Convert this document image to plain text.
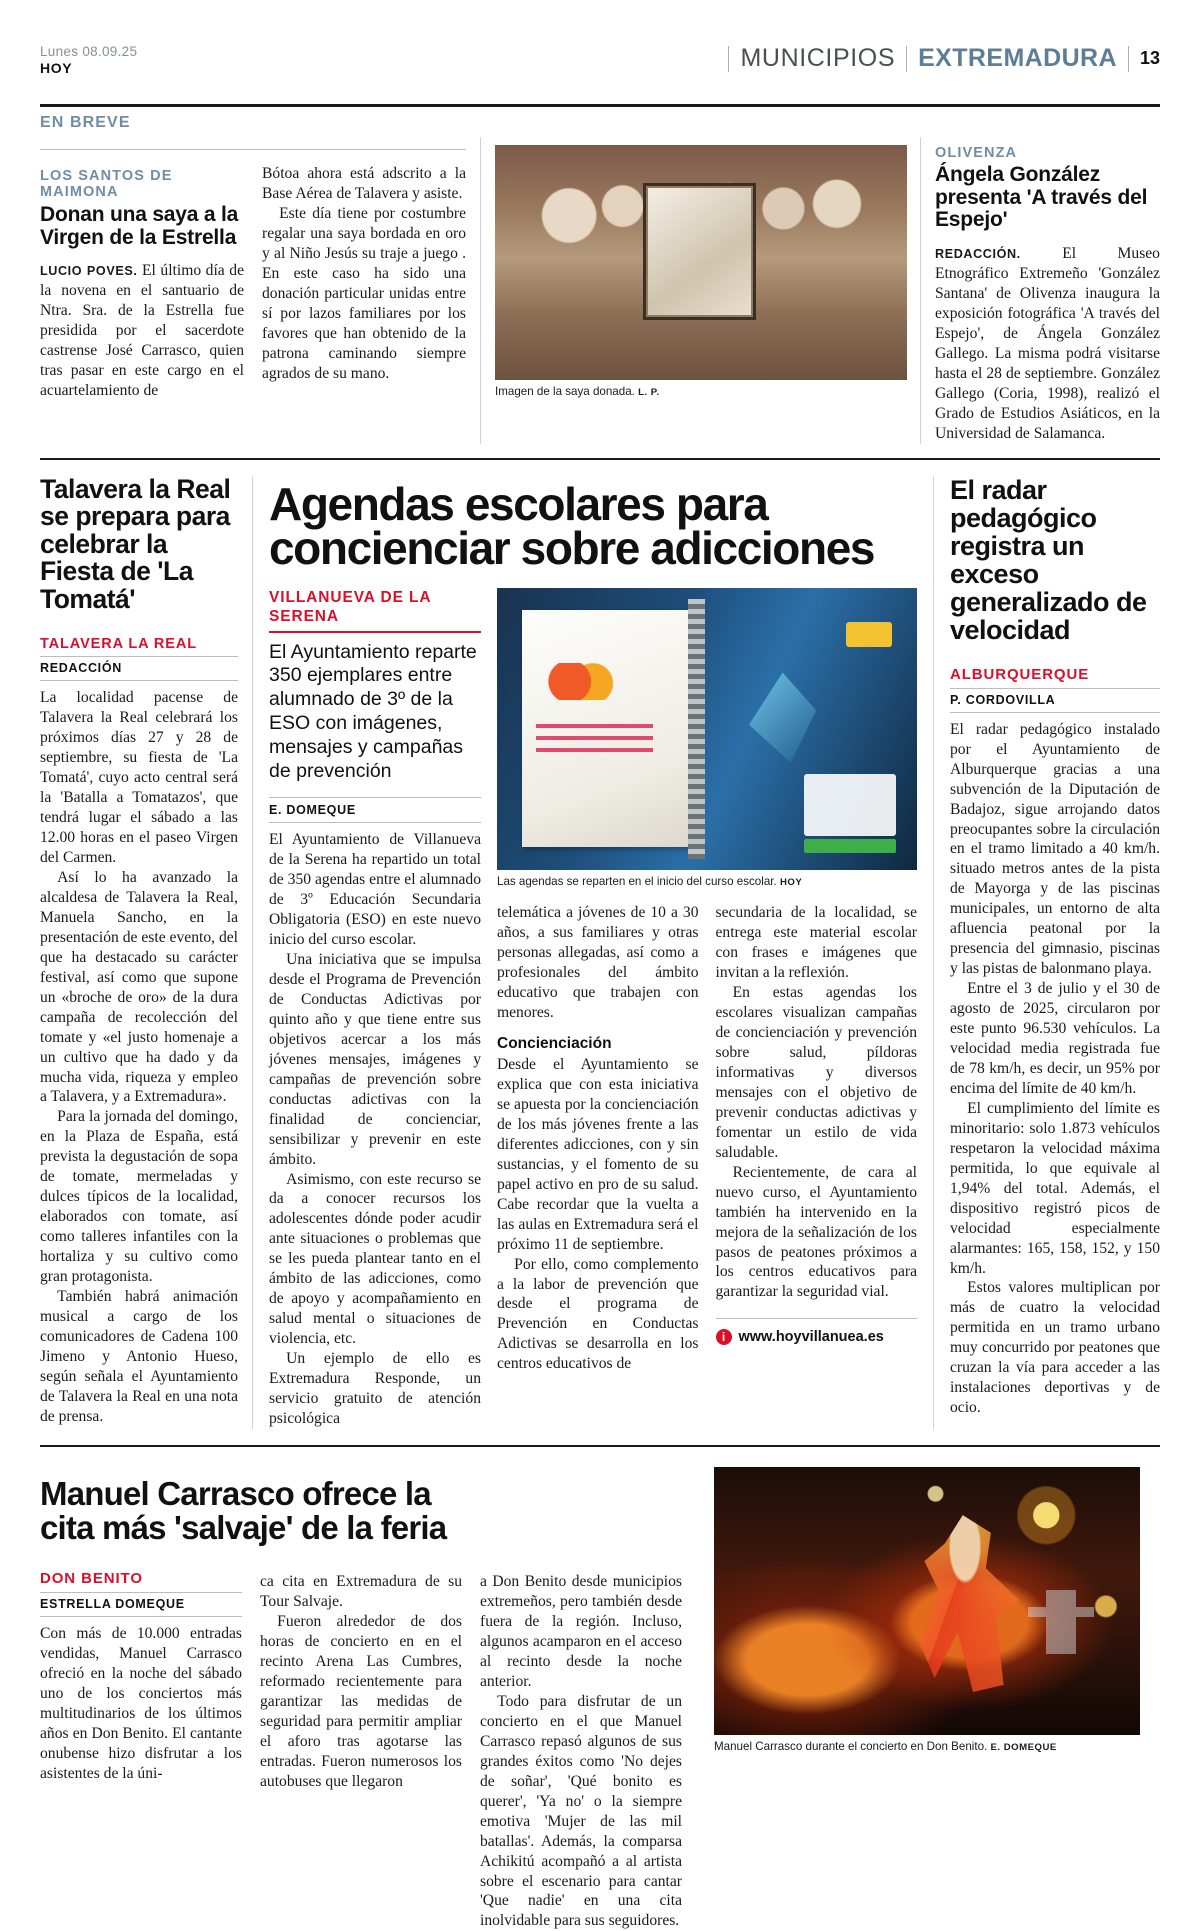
Lunes 08.09.25
HOY	MUNICIPIOS EXTREMADURA 13
EN BREVE
LOS SANTOS DE MAIMONA
Donan una saya a la Virgen de la Estrella

LUCIO POVES. El último día de la novena en el santuario de Ntra. Sra. de la Estrella fue presidida por el sacerdote castrense José Carrasco, quien tras pasar en este cargo en el acuartelamiento de

Bótoa ahora está adscrito a la Base Aérea de Talavera y asiste.

Este día tiene por costumbre regalar una saya bordada en oro y al Niño Jesús su traje a juego . En este caso ha sido una donación particular unidas entre sí por lazos familiares por los favores que han obtenido de la patrona caminando siempre agrados de su mano.

Imagen de la saya donada. L. P.
OLIVENZA
Ángela González presenta 'A través del Espejo'

REDACCIÓN.	El Museo Etnográfico Extremeño 'González Santana' de Olivenza inaugura la exposición fotográfica 'A través del Espejo', de Ángela González Gallego. La misma podrá visitarse hasta el 28 de septiembre. González Gallego (Coria, 1998), realizó el Grado de Estudios Asiáticos, en la Universidad de Salamanca.

Talavera la Real se prepara para celebrar la Fiesta de 'La Tomatá'
TALAVERA LA REAL
REDACCIÓN

La localidad pacense de Talavera la Real celebrará los próximos días 27 y 28 de septiembre, su fiesta de 'La Tomatá', cuyo acto central será la 'Batalla a Tomatazos', que tendrá lugar el sábado a las 12.00 horas en el paseo Virgen del Carmen.

Así lo ha avanzado la alcaldesa de Talavera la Real, Manuela Sancho, en la presentación de este evento, del que ha destacado su carácter festival, así como que supone un «broche de oro» de la dura campaña de recolección del tomate y «el justo homenaje a un cultivo que ha dado y da mucha vida, riqueza y empleo a Talavera, y a Extremadura».

Para la jornada del domingo, en la Plaza de España, está prevista la degustación de sopa de tomate, mermeladas y dulces típicos de la localidad, elaborados con tomate, así como talleres infantiles con la hortaliza y su cultivo como gran protagonista.

También habrá animación musical a cargo de los comunicadores de Cadena 100 Jimeno y Antonio Hueso, según señala el Ayuntamiento de Talavera la Real en una nota de prensa.

Agendas escolares para concienciar sobre adicciones
VILLANUEVA DE LA SERENA
El Ayuntamiento reparte 350 ejemplares entre alumnado de 3º de la ESO con imágenes, mensajes y campañas de prevención
E. DOMEQUE

El Ayuntamiento de Villanueva de la Serena ha repartido un total de 350 agendas entre el alumnado de 3º Educación Secundaria Obligatoria (ESO) en este nuevo inicio del curso escolar.

Una iniciativa que se impulsa desde el Programa de Prevención de Conductas Adictivas por quinto año y que tiene entre sus objetivos acercar a los más jóvenes mensajes, imágenes y campañas de prevención sobre conductas adictivas con la finalidad de concienciar, sensibilizar y prevenir en este ámbito.

Asimismo, con este recurso se da a conocer recursos los adolescentes dónde poder acudir ante situaciones o problemas que se les pueda plantear tanto en el ámbito de las adicciones, como de apoyo y acompañamiento en salud mental o situaciones de violencia, etc.

Un ejemplo de ello es Extremadura Responde, un servicio gratuito de atención psicológica

Las agendas se reparten en el inicio del curso escolar. HOY

telemática a jóvenes de 10 a 30 años, a sus familiares y otras personas allegadas, así como a profesionales del ámbito educativo que trabajen con menores.

Concienciación

Desde el Ayuntamiento se explica que con esta iniciativa se apuesta por la concienciación de los más jóvenes frente a las diferentes adicciones, con y sin sustancias, y el fomento de su papel activo en pro de su salud. Cabe recordar que la vuelta a las aulas en Extremadura será el próximo 11 de septiembre.

Por ello, como complemento a la labor de prevención que desde el programa de Prevención en Conductas Adictivas se desarrolla en los centros educativos de

secundaria de la localidad, se entrega este material escolar con frases e imágenes que invitan a la reflexión.

En estas agendas los escolares visualizan campañas de concienciación y prevención sobre salud, píldoras informativas y diversos mensajes con el objetivo de prevenir conductas adictivas y fomentar un estilo de vida saludable.

Recientemente, de cara al nuevo curso, el Ayuntamiento también ha intervenido en la mejora de la señalización de los pasos de peatones próximos a los centros educativos para garantizar la seguridad vial.

i www.hoyvillanuea.es
El radar pedagógico registra un exceso generalizado de velocidad
ALBURQUERQUE
P. CORDOVILLA

El radar pedagógico instalado por el Ayuntamiento de Alburquerque gracias a una subvención de la Diputación de Badajoz, sigue arrojando datos preocupantes sobre la circulación en el tramo limitado a 40 km/h. situado metros antes de la pista de Mayorga y de las piscinas municipales, un entorno de alta afluencia peatonal por la presencia del gimnasio, piscinas y las pistas de balonmano playa.

Entre el 3 de julio y el 30 de agosto de 2025, circularon por este punto 96.530 vehículos. La velocidad media registrada fue de 78 km/h, es decir, un 95% por encima del límite de 40 km/h.

El cumplimiento del límite es minoritario: solo 1.873 vehículos respetaron la velocidad máxima permitida, lo que equivale al 1,94% del total. Además, el dispositivo registró picos de velocidad especialmente alarmantes: 165, 158, 152, y 150 km/h.

Estos valores multiplican por más de cuatro la velocidad permitida en un tramo urbano muy concurrido por peatones que cruzan la vía para acceder a las instalaciones deportivas y de ocio.

Manuel Carrasco ofrece la cita más 'salvaje' de la feria
DON BENITO
ESTRELLA DOMEQUE

Con más de 10.000 entradas vendidas, Manuel Carrasco ofreció en la noche del sábado uno de los conciertos más multitudinarios de los últimos años en Don Benito. El cantante onubense hizo disfrutar a los asistentes de la úni-

ca cita en Extremadura de su Tour Salvaje.

Fueron alrededor de dos horas de concierto en en el recinto Arena Las Cumbres, reformado recientemente para garantizar las medidas de seguridad para permitir ampliar el aforo tras agotarse las entradas. Fueron numerosos los autobuses que llegaron

a Don Benito desde municipios extremeños, pero también desde fuera de la región. Incluso, algunos acamparon en el acceso al recinto desde la noche anterior.

Todo para disfrutar de un concierto en el que Manuel Carrasco repasó algunos de sus grandes éxitos como 'No dejes de soñar', 'Qué bonito es querer', 'Ya no' o la siempre emotiva 'Mujer de las mil batallas'. Además, la comparsa Achikitú acompañó a al artista sobre el escenario para cantar 'Que nadie' en una cita inolvidable para sus seguidores.

Manuel Carrasco durante el concierto en Don Benito. E. DOMEQUE
